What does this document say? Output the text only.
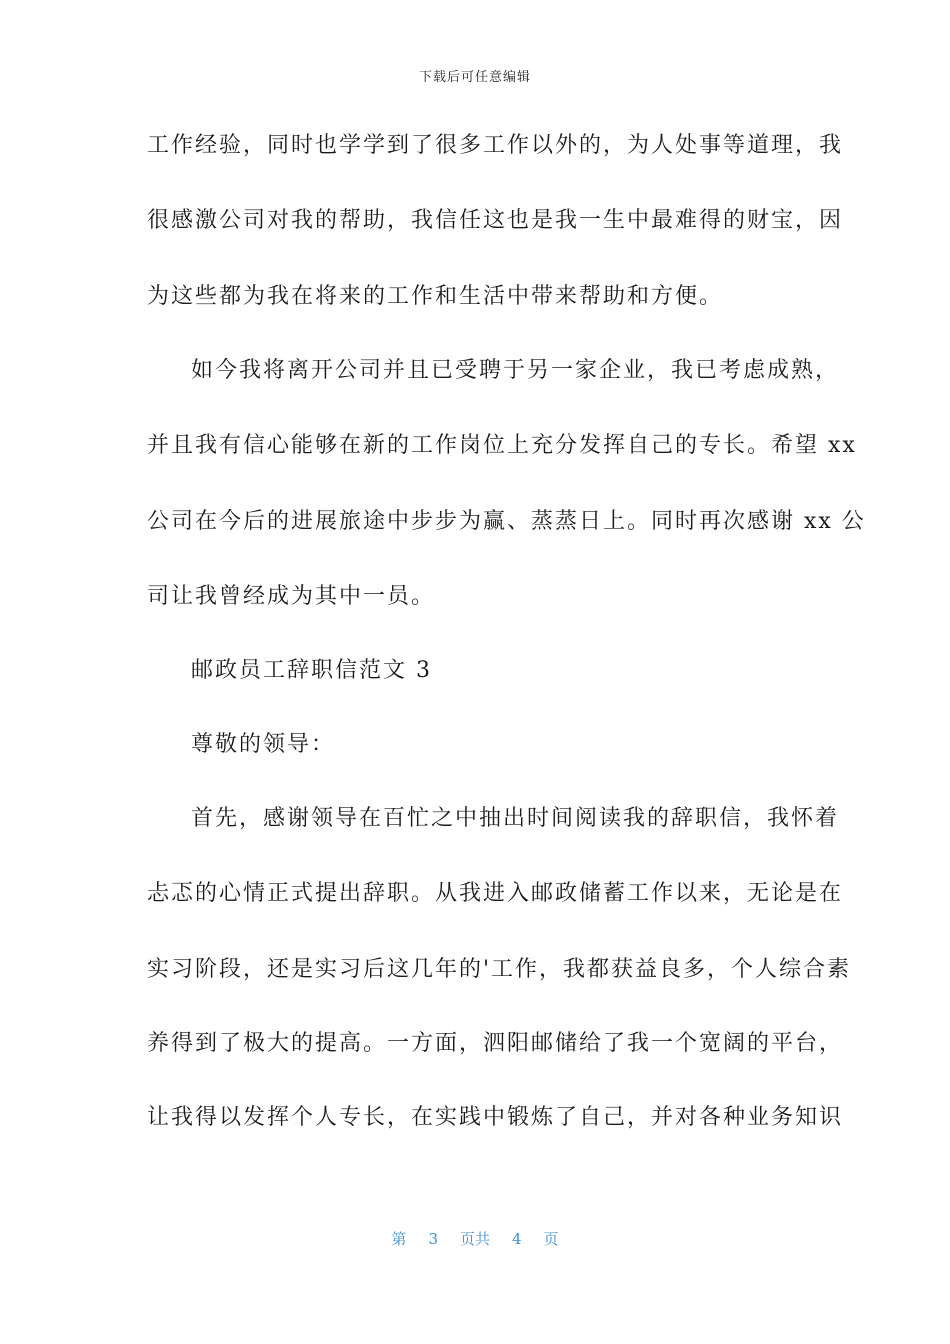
下载后可任意编辑
工作经验，同时也学学到了很多工作以外的，为人处事等道理，我
很感激公司对我的帮助，我信任这也是我一生中最难得的财宝，因
为这些都为我在将来的工作和生活中带来帮助和方便。
如今我将离开公司并且已受聘于另一家企业，我已考虑成熟，
并且我有信心能够在新的工作岗位上充分发挥自己的专长。希望 xx
公司在今后的进展旅途中步步为赢、蒸蒸日上。同时再次感谢 xx 公
司让我曾经成为其中一员。
邮政员工辞职信范文 3
尊敬的领导：
首先，感谢领导在百忙之中抽出时间阅读我的辞职信，我怀着
忐忑的心情正式提出辞职。从我进入邮政储蓄工作以来，无论是在
实习阶段，还是实习后这几年的'工作，我都获益良多，个人综合素
养得到了极大的提高。一方面，泗阳邮储给了我一个宽阔的平台，
让我得以发挥个人专长，在实践中锻炼了自己，并对各种业务知识
第 3 页共 4 页
